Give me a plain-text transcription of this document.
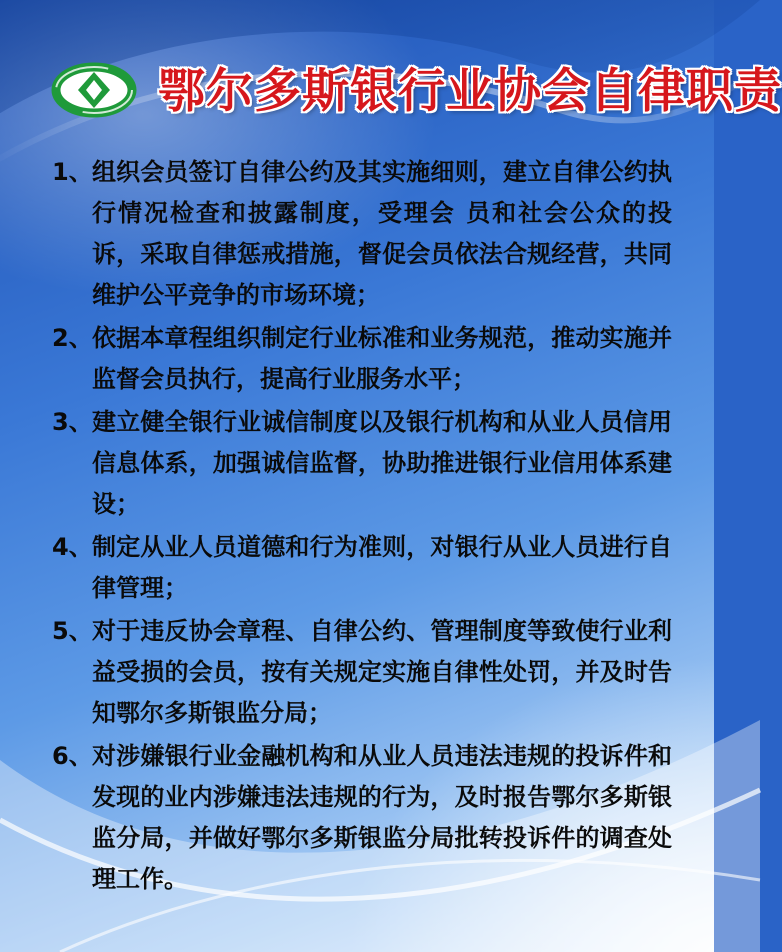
鄂尔多斯银行业协会自律职责
1、 组织会员签订自律公约及其实施细则，建立自律公约执行情况检查和披露制度，受理会 员和社会公众的投诉，采取自律惩戒措施，督促会员依法合规经营，共同维护公平竞争的市场环境；
2、 依据本章程组织制定行业标准和业务规范，推动实施并监督会员执行，提高行业服务水平；
3、 建立健全银行业诚信制度以及银行机构和从业人员信用信息体系，加强诚信监督，协助推进银行业信用体系建设；
4、 制定从业人员道德和行为准则，对银行从业人员进行自律管理；
5、 对于违反协会章程、自律公约、管理制度等致使行业利益受损的会员，按有关规定实施自律性处罚，并及时告知鄂尔多斯银监分局；
6、 对涉嫌银行业金融机构和从业人员违法违规的投诉件和发现的业内涉嫌违法违规的行为，及时报告鄂尔多斯银监分局，并做好鄂尔多斯银监分局批转投诉件的调查处理工作。
